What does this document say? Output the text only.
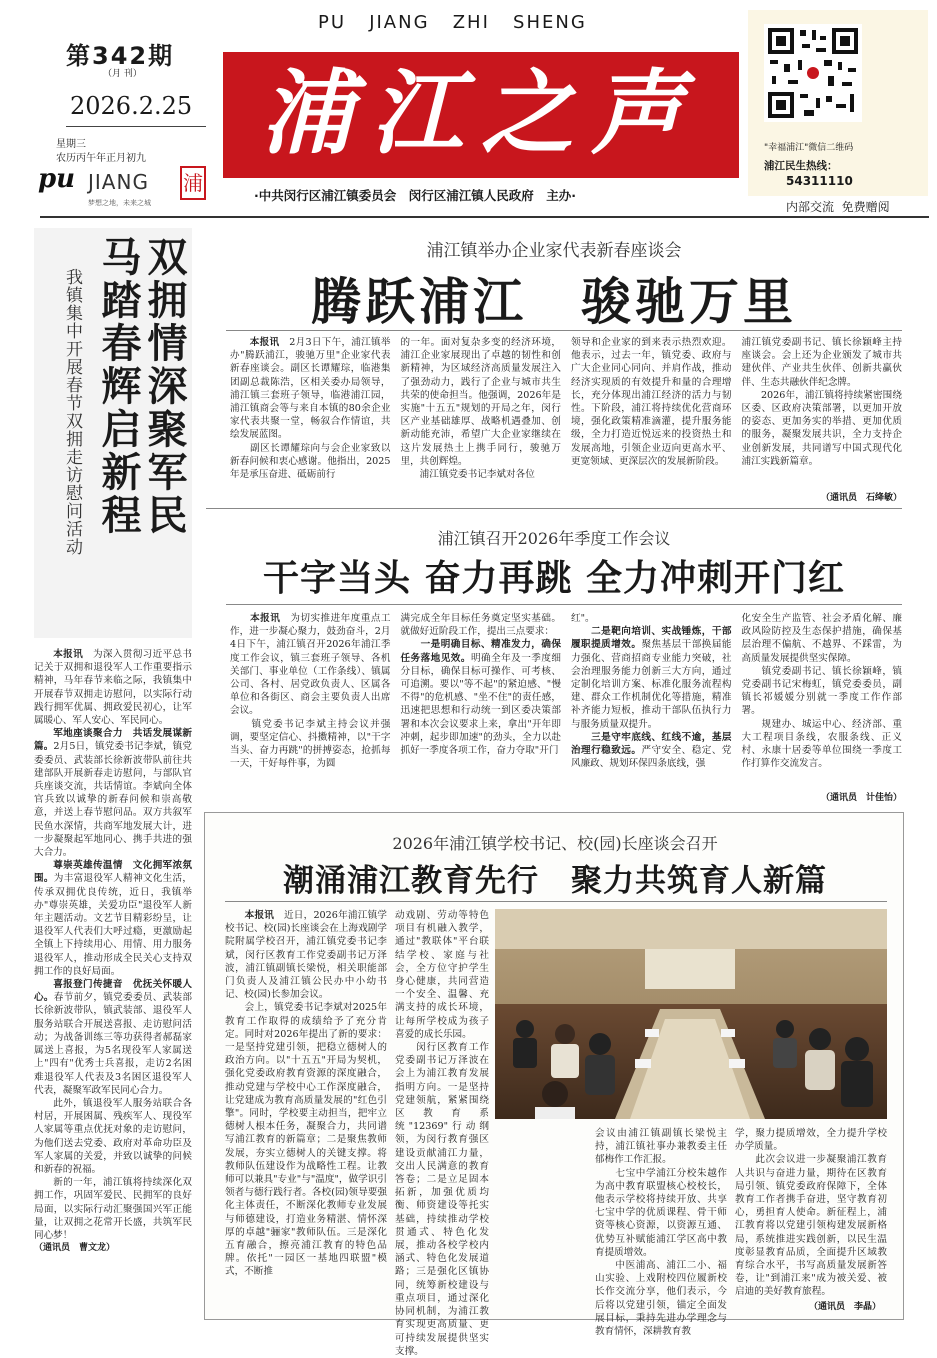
第342期
（月 刊）
2026.2.25
星期三
农历丙午年正月初九
pu JIANG
梦想之地，未来之城
浦
PU   JIANG   ZHI   SHENG
浦江之声
·中共闵行区浦江镇委员会　闵行区浦江镇人民政府　主办·
"幸福浦江"微信二维码
浦江民生热线：
54311110
内部交流  免费赠阅
双拥情深聚军民
马踏春辉启新程
我镇集中开展春节双拥走访慰问活动

本报讯　 为深入贯彻习近平总书记关于双拥和退役军人工作重要指示精神，马年春节来临之际，我镇集中开展春节双拥走访慰问，以实际行动践行拥军优属、拥政爱民初心，让军属暖心、军人安心、军民同心。

军地座谈聚合力　共话发展谋新篇。2月5日，镇党委书记李斌，镇党委委员、武装部长徐新波带队前往共建部队开展新春走访慰问，与部队官兵座谈交流，共话情谊。李斌向全体官兵致以诚挚的新春问候和崇高敬意，并送上春节慰问品。双方共叙军民鱼水深情，共商军地发展大计，进一步凝聚起军地同心、携手共进的强大合力。

尊崇英雄传温情　文化拥军浓氛围。为丰富退役军人精神文化生活，传承双拥优良传统，近日，我镇举办"尊崇英雄，关爱功臣"退役军人新年主题活动。文艺节目精彩纷呈，让退役军人代表们大呼过瘾，更激励起全镇上下持续用心、用情、用力服务退役军人，推动形成全民关心支持双拥工作的良好局面。

喜报登门传捷音　优抚关怀暖人心。春节前夕，镇党委委员、武装部长徐新波带队，镇武装部、退役军人服务站联合开展送喜报、走访慰问活动；为战备训练三等功获得者郝磊家属送上喜报，为5名现役军人家属送上"四有"优秀士兵喜报，走访2名困难退役军人代表及3名困区退役军人代表，凝聚军政军民同心合力。

此外，镇退役军人服务站联合各村居，开展困属、残疾军人、现役军人家属等重点优抚对象的走访慰问，为他们送去党委、政府对革命功臣及军人家属的关爱，并致以诚挚的问候和新春的祝福。

新的一年，浦江镇将持续深化双拥工作，巩固军爱民、民拥军的良好局面，以实际行动汇聚强国兴军正能量，让双拥之花常开长盛，共筑军民同心梦！

（通讯员　曹文龙）
浦江镇举办企业家代表新春座谈会
腾跃浦江　骏驰万里
　　本报讯　 2月3日下午，浦江镇举办"腾跃浦江，骏驰万里"企业家代表新春座谈会。副区长谭耀琮，临港集团副总裁陈浩，区相关委办局领导，浦江镇三套班子领导，临港浦江园，浦江镇商会等与来自本镇的80余企业家代表共聚一堂，畅叙合作情谊，共绘发展蓝图。
　　副区长谭耀琮向与会企业家致以新春问候和衷心感谢。他指出，2025年是承压奋进、砥砺前行
的一年。面对复杂多变的经济环境，浦江企业家展现出了卓越的韧性和创新精神，为区域经济高质量发展注入了强劲动力，践行了企业与城市共生共荣的使命担当。他强调，2026年是实施"十五五"规划的开局之年，闵行区产业基础雄厚、战略机遇叠加、创新动能充沛，希望广大企业家继续在这片发展热土上携手同行，骏驰万里，共创辉煌。
　　浦江镇党委书记李斌对各位
领导和企业家的到来表示热烈欢迎。他表示，过去一年，镇党委、政府与广大企业同心同向、并肩作战，推动经济实现质的有效提升和量的合理增长，充分体现出浦江经济的活力与韧性。下阶段，浦江将持续优化营商环境，强化政策精准滴灌，提升服务能级，全力打造近悦远来的投资热土和发展高地，引领企业迈向更高水平、更宽领域、更深层次的发展新阶段。
浦江镇党委副书记、镇长徐颖峰主持座谈会。会上还为企业颁发了城市共建伙伴、产业共生伙伴、创新共赢伙伴、生态共融伙伴纪念牌。
　　2026年，浦江镇将持续紧密围绕区委、区政府决策部署，以更加开放的姿态、更加务实的举措、更加优质的服务，凝聚发展共识，全力支持企业创新发展，共同谱写中国式现代化浦江实践新篇章。
（通讯员　石绛敏）
浦江镇召开2026年季度工作会议
干字当头 奋力再跳 全力冲刺开门红
　　本报讯　 为切实推进年度重点工作，进一步凝心聚力，鼓劲奋斗，2月4日下午，浦江镇召开2026年浦江季度工作会议，镇三套班子领导、各机关部门、事业单位（工作条线）、镇属公司、各村、居党政负责人、区属各单位和各街区、商会主要负责人出席会议。
　　镇党委书记李斌主持会议并强调，要坚定信心、抖擞精神，以"干字当头、奋力再跳"的拼搏姿态，抢抓每一天，干好每件事，为圆
满完成全年目标任务奠定坚实基础。就做好近阶段工作，提出三点要求：
　　一是明确目标、精准发力，确保任务落地见效。明确全年及一季度细分目标，确保目标可操作、可考核、可追溯。要以"等不起"的紧迫感、"慢不得"的危机感、"坐不住"的责任感，迅速把思想和行动统一到区委决策部署和本次会议要求上来，拿出"开年即冲刺，起步即加速"的劲头，全力以赴抓好一季度各项工作，奋力夺取"开门
红"。
　　二是靶向培训、实战锤炼，干部履职提质增效。聚焦基层干部换届能力强化、营商招商专业能力突破，社会治理服务能力创新三大方向，通过定制化培训方案、标准化服务流程构建、群众工作机制优化等措施，精准补齐能力短板，推动干部队伍执行力与服务质量双提升。
　　三是守牢底线、红线不逾，基层治理行稳致远。严守安全、稳定、党风廉政、规划环保四条底线，强
化安全生产监管、社会矛盾化解、廉政风险防控及生态保护措施，确保基层治理不偏航、不越界、不踩雷，为高质量发展提供坚实保障。
　　镇党委副书记、镇长徐颖峰，镇党委副书记宋梅虹，镇党委委员，副镇长祁媛媛分别就一季度工作作部署。
　　规建办、城运中心、经济部、重大工程项目条线，农服条线、正义村、永康十居委等单位围绕一季度工作打算作交流发言。
（通讯员　计佳怡）
2026年浦江镇学校书记、校(园)长座谈会召开
潮涌浦江教育先行　聚力共筑育人新篇
　　本报讯　 近日，2026年浦江镇学校书记、校(园)长座谈会在上海戏剧学院附属学校召开，浦江镇党委书记李斌，闵行区教育工作党委副书记万泽波，浦江镇副镇长梁悦，相关职能部门负责人及浦江镇公民办中小幼书记、校(园)长参加会议。
　　会上，镇党委书记李斌对2025年教育工作取得的成绩给予了充分肯定。同时对2026年提出了新的要求：一是坚持党建引领，把稳立德树人的政治方向。以"十五五"开局为契机，强化党委政府教育资源的深度融合，推动党建与学校中心工作深度融合，让党建成为教育高质量发展的"红色引擎"。同时，学校要主动担当，把牢立德树人根本任务，凝聚合力，共同谱写浦江教育的新篇章；二是聚焦教师发展，夯实立德树人的关键支撑。将教师队伍建设作为战略性工程。让教师可以兼具"专业"与"温度"，做学识引领者与德行践行者。各校(园)领导要强化主体责任，不断深化教师专业发展与师德建设，打造业务精湛、情怀深厚的卓越"骊家"教师队伍。三是深化五育融合，擦亮浦江教育的特色品牌。依托"一园区一基地四联盟"模式，不断推
动戏剧、劳动等特色项目有机融入教学，通过"教联体"平台联结学校、家庭与社会，全方位守护学生身心健康，共同营造一个安全、温馨、充满支持的成长环境，让每所学校成为孩子喜爱的成长乐园。
　　闵行区教育工作党委副书记万泽波在会上为浦江教育发展指明方向。一是坚持党建领航，紧紧围绕区教育系统"12369"行动纲领，为闵行教育强区建设贡献浦江力量，交出人民满意的教育答卷；二是立足固本拓新，加强优质均衡、师资建设等托实基础，持续推动学校贯通式、特色化发展，推动各校学校内涵式、特色化发展道路；三是强化区镇协同，统筹新校建设与重点项目，通过深化协同机制，为浦江教育实现更高质量、更可持续发展提供坚实支撑。
会议由浦江镇副镇长梁悦主持，浦江镇社事办兼教委主任郁梅作工作汇报。
　　七宝中学浦江分校朱越作为高中教育联盟核心校校长，他表示学校将持续开放、共享七宝中学的优质课程、骨干师资等核心资源，以资源互通、优势互补赋能浦江学区高中教育提质增效。
　　中医浦高、浦江二小、福山实验、上戏附校四位履新校长作交流分享，他们表示，今后将以党建引领，锚定全面发展目标，秉持先进办学理念与教育情怀，深耕教育教
学，聚力提质增效，全力提升学校办学质量。
　　此次会议进一步凝聚浦江教育人共识与奋进力量，期待在区教育局引领、镇党委政府保障下，全体教育工作者携手奋进，坚守教育初心，勇担育人使命。新征程上，浦江教育将以党建引领构建发展新格局，系统推进实践创新，以民生温度彰显教育品质，全面提升区域教育综合水平，书写高质量发展新答卷，让"到浦江来"成为被关爱、被启迪的美好教育旅程。
（通讯员　李晶）
